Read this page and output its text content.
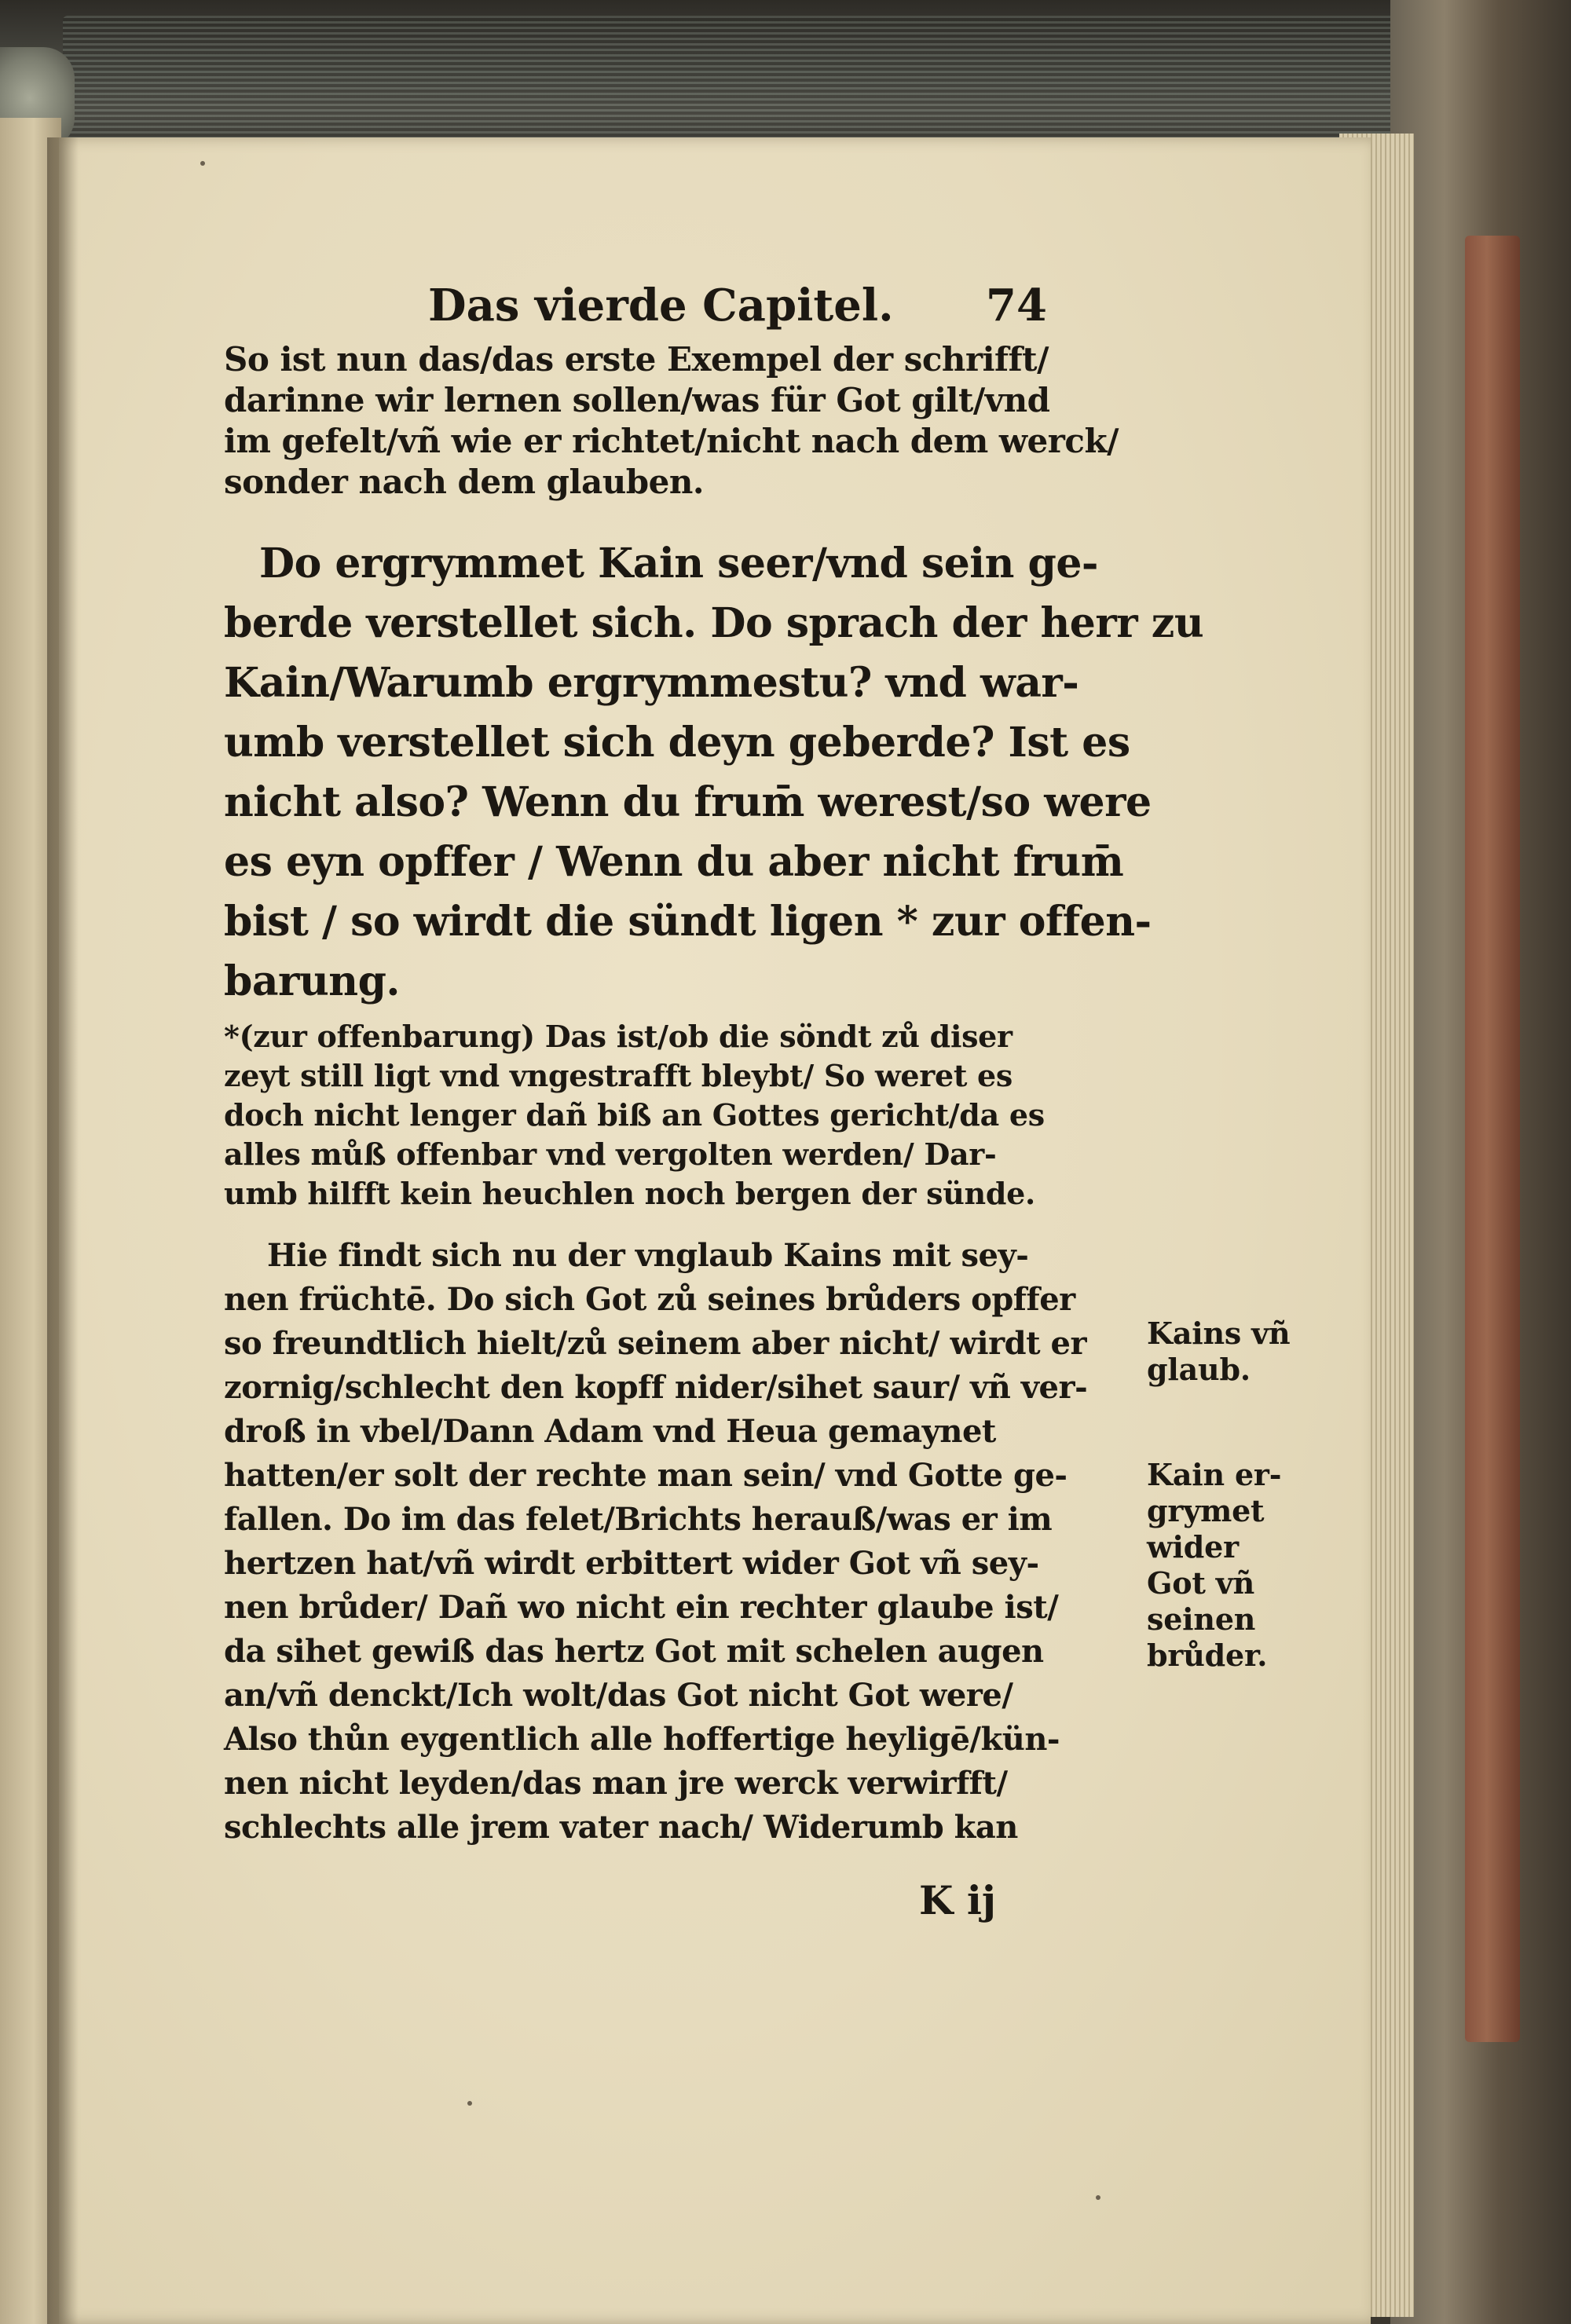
Das vierde Capitel. 74

So ist nun das/das erste Exempel der schrifft/

darinne wir lernen sollen/was für Got gilt/vnd

im gefelt/vñ wie er richtet/nicht nach dem werck/

sonder nach dem glauben.

Do ergrymmet Kain seer/vnd sein ge-

berde verstellet sich. Do sprach der herr zu

Kain/Warumb ergrymmestu? vnd war-

umb verstellet sich deyn geberde? Ist es

nicht also? Wenn du frum̄ werest/so were

es eyn opffer / Wenn du aber nicht frum̄

bist / so wirdt die sündt ligen * zur offen-

barung.

*(zur offenbarung) Das ist/ob die söndt zů diser

zeyt still ligt vnd vngestrafft bleybt/ So weret es

doch nicht lenger dañ biß an Gottes gericht/da es

alles můß offenbar vnd vergolten werden/ Dar-

umb hilfft kein heuchlen noch bergen der sünde.

Hie findt sich nu der vnglaub Kains mit sey-

nen früchtē. Do sich Got zů seines brůders opffer

so freundtlich hielt/zů seinem aber nicht/ wirdt er

zornig/schlecht den kopff nider/sihet saur/ vñ ver-

droß in vbel/Dann Adam vnd Heua gemaynet

hatten/er solt der rechte man sein/ vnd Gotte ge-

fallen. Do im das felet/Brichts herauß/was er im

hertzen hat/vñ wirdt erbittert wider Got vñ sey-

nen brůder/ Dañ wo nicht ein rechter glaube ist/

da sihet gewiß das hertz Got mit schelen augen

an/vñ denckt/Ich wolt/das Got nicht Got were/

Also thůn eygentlich alle hoffertige heyligē/kün-

nen nicht leyden/das man jre werck verwirfft/

schlechts alle jrem vater nach/ Widerumb kan

Kains vñ

glaub.

Kain er-

grymet

wider

Got vñ

seinen

brůder.

K ij
